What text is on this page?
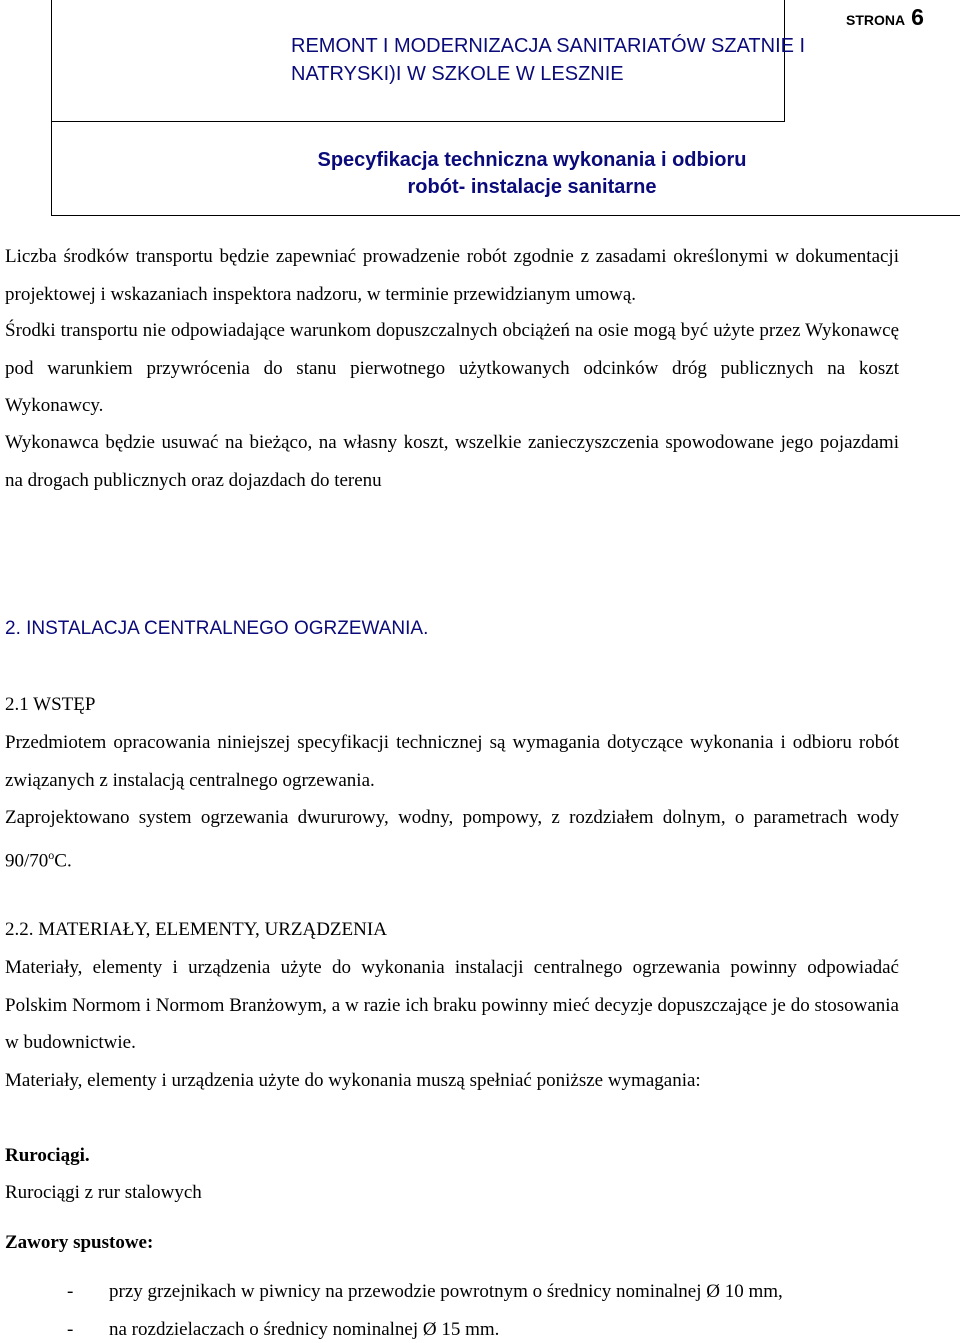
STRONA 6
REMONT I MODERNIZACJA SANITARIATÓW SZATNIE I
NATRYSKI)I W SZKOLE W LESZNIE
Specyfikacja techniczna wykonania i odbioru
robót- instalacje sanitarne
Liczba środków transportu będzie zapewniać prowadzenie robót zgodnie z zasadami określonymi w dokumentacji projektowej i wskazaniach inspektora nadzoru, w terminie przewidzianym umową.
Środki transportu nie odpowiadające warunkom dopuszczalnych obciążeń na osie mogą być użyte przez Wykonawcę pod warunkiem przywrócenia do stanu pierwotnego użytkowanych odcinków dróg publicznych na koszt Wykonawcy.
Wykonawca będzie usuwać na bieżąco, na własny koszt, wszelkie zanieczyszczenia spowodowane jego pojazdami na drogach publicznych oraz dojazdach do terenu
2. INSTALACJA CENTRALNEGO OGRZEWANIA.
2.1 WSTĘP
Przedmiotem opracowania niniejszej specyfikacji technicznej są wymagania dotyczące wykonania i odbioru robót związanych z instalacją centralnego ogrzewania.
Zaprojektowano system ogrzewania dwururowy, wodny, pompowy, z rozdziałem dolnym, o parametrach wody 90/70$^o$C.
2.2. MATERIAŁY, ELEMENTY, URZĄDZENIA
Materiały, elementy i urządzenia użyte do wykonania instalacji centralnego ogrzewania powinny odpowiadać Polskim Normom i Normom Branżowym, a w razie ich braku powinny mieć decyzje dopuszczające je do stosowania w budownictwie.
Materiały, elementy i urządzenia użyte do wykonania muszą spełniać poniższe wymagania:
Rurociągi.
Rurociągi z rur stalowych
Zawory spustowe:
- przy grzejnikach w piwnicy na przewodzie powrotnym o średnicy nominalnej Ø 10 mm,
- na rozdzielaczach o średnicy nominalnej Ø 15 mm.
